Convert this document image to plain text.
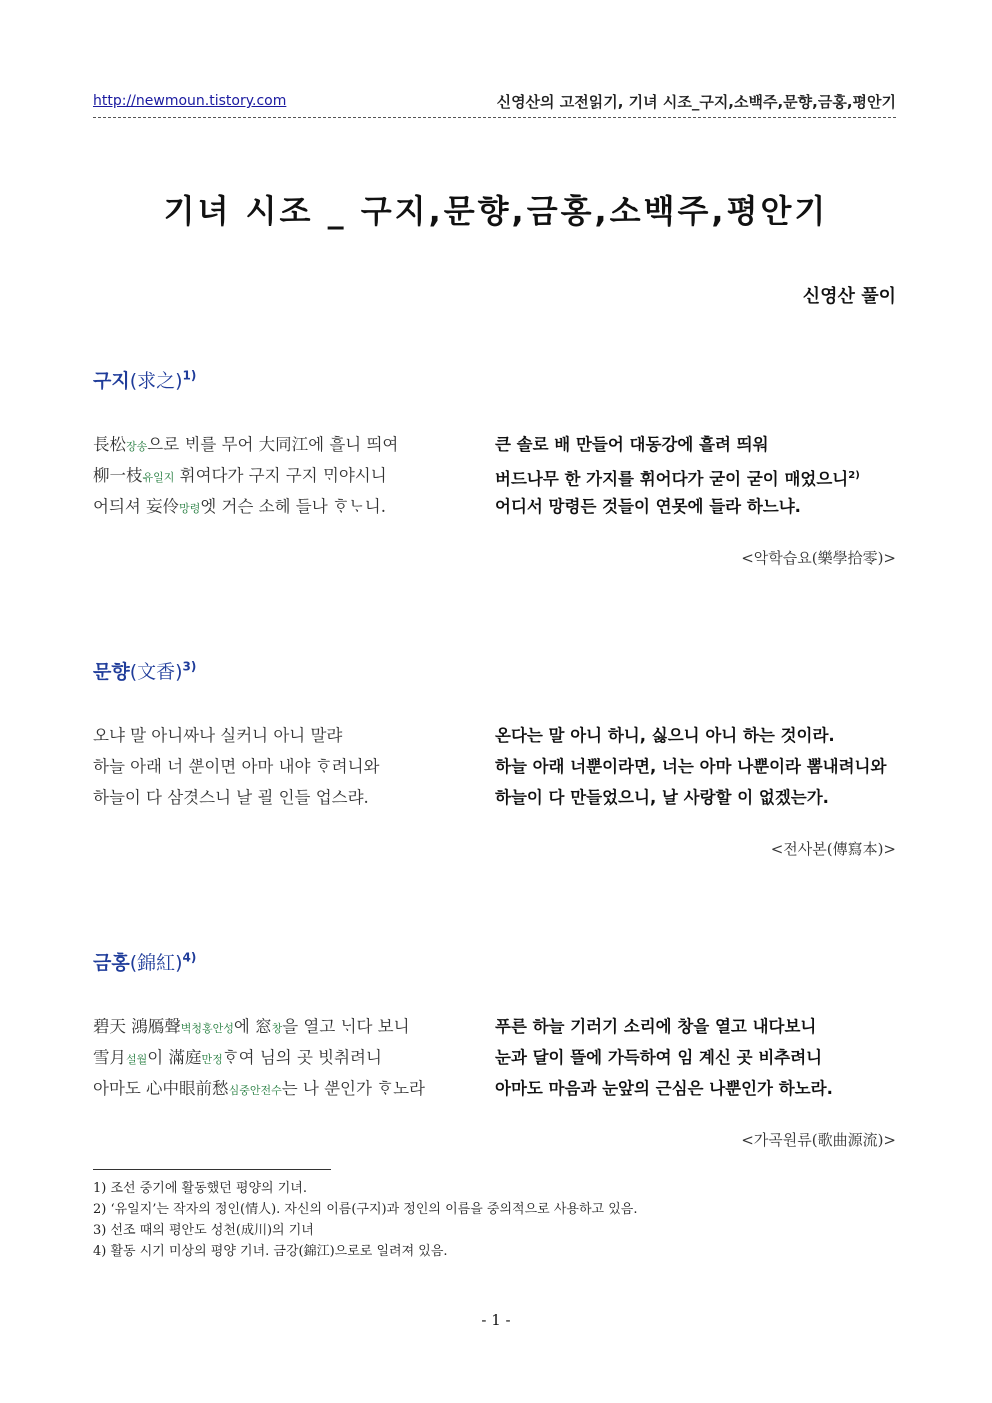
http://newmoun.tistory.com	신영산의 고전읽기, 기녀 시조_구지,소백주,문향,금홍,평안기
기녀 시조 _ 구지,문향,금홍,소백주,평안기
신영산 풀이
구지(求之)$^{1)}$
長松장송으로 ᄇᆡ를 무어 大同江에 흘니 띄여
柳一枝유일지 휘여다가 구지 구지 ᄆᆡ야시니
어듸셔 妄伶망령엣 거슨 소헤 들나 ᄒᆞᄂᆞ니.
큰 솔로 배 만들어 대동강에 흘려 띄워
버드나무 한 가지를 휘어다가 굳이 굳이 매었으니$^{2)}$
어디서 망령든 것들이 연못에 들라 하느냐.
<악학습요(樂學拾零)>
문향(文香)$^{3)}$
오냐 말 아니ᄶᅡ나 실커니 아니 말랴
하늘 아래 너 ᄲᅮᆫ이면 아마 내야 ᄒᆞ려니와
하늘이 다 삼겻스니 날 괼 인들 업스랴.
온다는 말 아니 하니, 싫으니 아니 하는 것이라.
하늘 아래 너뿐이라면, 너는 아마 나뿐이라 뽐내려니와
하늘이 다 만들었으니, 날 사랑할 이 없겠는가.
<전사본(傳寫本)>
금홍(錦紅)$^{4)}$
碧天 鴻鴈聲벽청홍안성에 窓창을 열고 ᄂᆡ다 보니
雪月설월이 滿庭만정ᄒᆞ여 님의 곳 빗취려니
아마도 心中眼前愁심중안전수는 나 ᄲᅮᆫ인가 ᄒᆞ노라
푸른 하늘 기러기 소리에 창을 열고 내다보니
눈과 달이 뜰에 가득하여 임 계신 곳 비추려니
아마도 마음과 눈앞의 근심은 나뿐인가 하노라.
<가곡원류(歌曲源流)>
1) 조선 중기에 활동했던 평양의 기녀.
2) ‘유일지’는 작자의 정인(情人). 자신의 이름(구지)과 정인의 이름을 중의적으로 사용하고 있음.
3) 선조 때의 평안도 성천(成川)의 기녀
4) 활동 시기 미상의 평양 기녀. 금강(錦江)으로로 일려져 있음.
- 1 -
